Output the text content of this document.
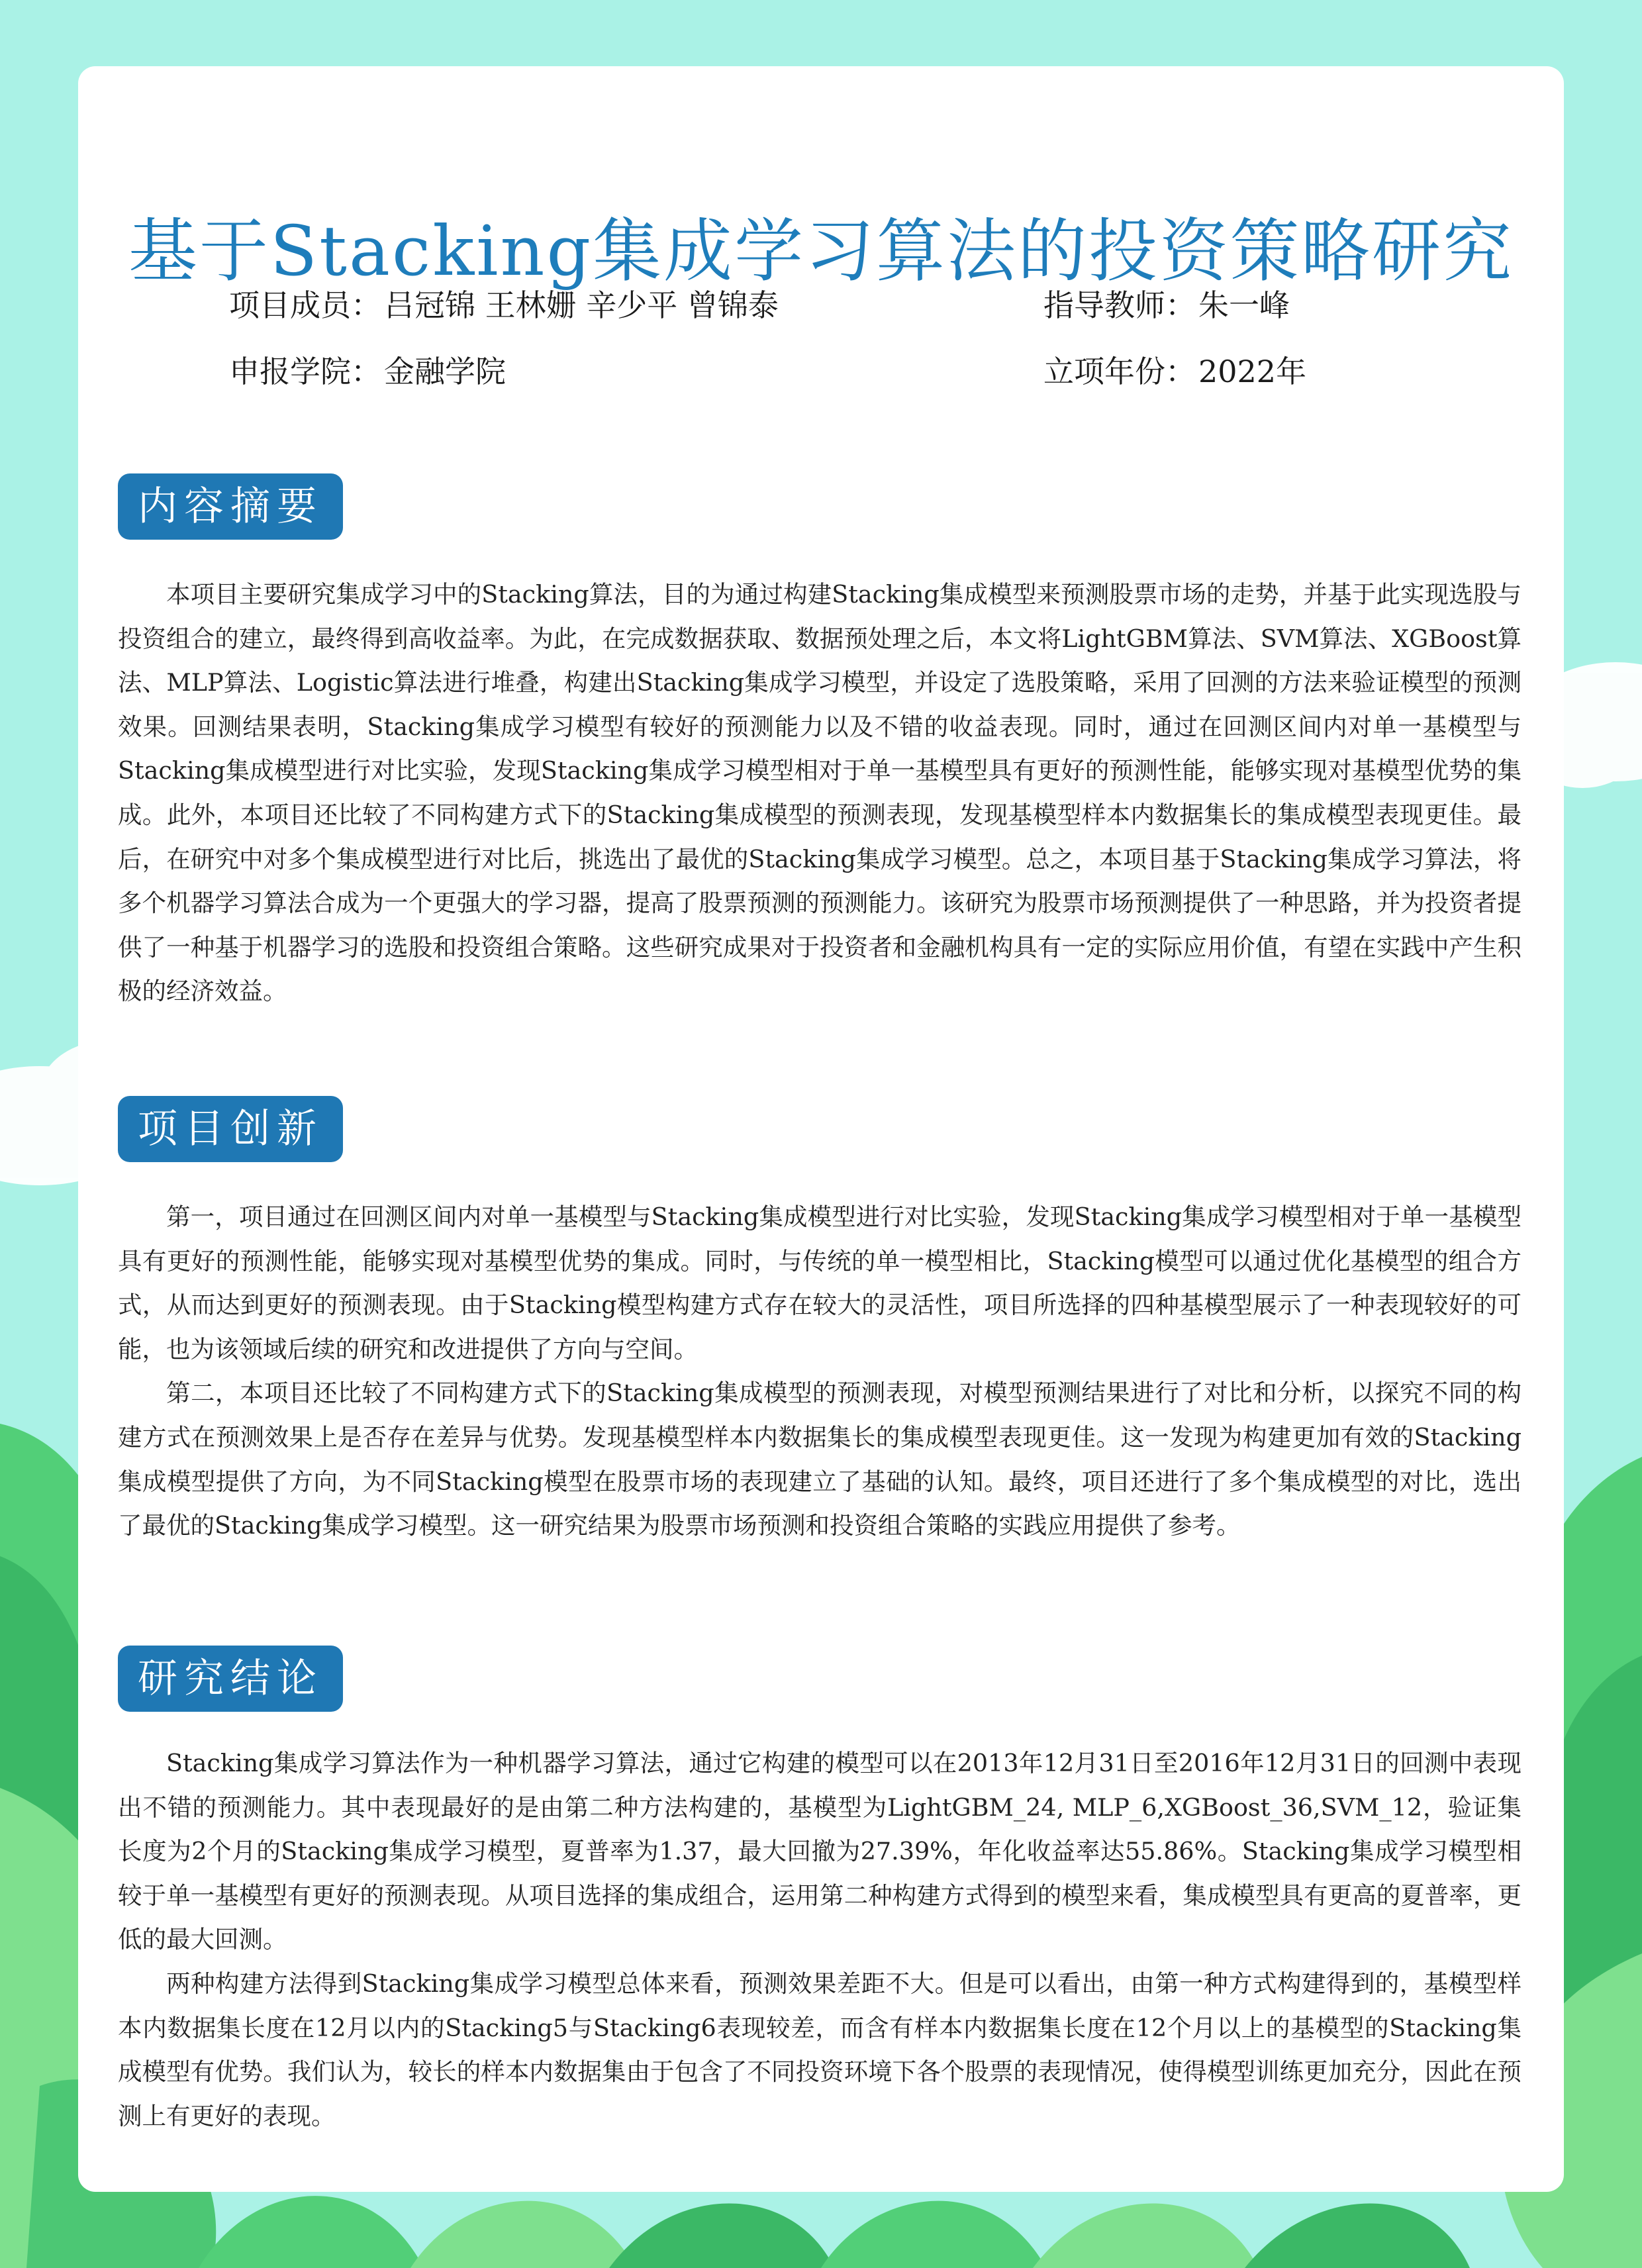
基于Stacking集成学习算法的投资策略研究
项目成员：吕冠锦 王林姗 辛少平 曾锦泰	指导教师：朱一峰
申报学院：金融学院	立项年份：2022年
内容摘要

本项目主要研究集成学习中的Stacking算法，目的为通过构建Stacking集成模型来预测股票市场的走势，并基于此实现选股与投资组合的建立，最终得到高收益率。为此，在完成数据获取、数据预处理之后，本文将LightGBM算法、SVM算法、XGBoost算法、MLP算法、Logistic算法进行堆叠，构建出Stacking集成学习模型，并设定了选股策略，采用了回测的方法来验证模型的预测效果。回测结果表明，Stacking集成学习模型有较好的预测能力以及不错的收益表现。同时，通过在回测区间内对单一基模型与Stacking集成模型进行对比实验，发现Stacking集成学习模型相对于单一基模型具有更好的预测性能，能够实现对基模型优势的集成。此外，本项目还比较了不同构建方式下的Stacking集成模型的预测表现，发现基模型样本内数据集长的集成模型表现更佳。最后，在研究中对多个集成模型进行对比后，挑选出了最优的Stacking集成学习模型。总之，本项目基于Stacking集成学习算法，将多个机器学习算法合成为一个更强大的学习器，提高了股票预测的预测能力。该研究为股票市场预测提供了一种思路，并为投资者提供了一种基于机器学习的选股和投资组合策略。这些研究成果对于投资者和金融机构具有一定的实际应用价值，有望在实践中产生积极的经济效益。

项目创新

第一，项目通过在回测区间内对单一基模型与Stacking集成模型进行对比实验，发现Stacking集成学习模型相对于单一基模型具有更好的预测性能，能够实现对基模型优势的集成。同时，与传统的单一模型相比，Stacking模型可以通过优化基模型的组合方式，从而达到更好的预测表现。由于Stacking模型构建方式存在较大的灵活性，项目所选择的四种基模型展示了一种表现较好的可能，也为该领域后续的研究和改进提供了方向与空间。

第二，本项目还比较了不同构建方式下的Stacking集成模型的预测表现，对模型预测结果进行了对比和分析，以探究不同的构建方式在预测效果上是否存在差异与优势。发现基模型样本内数据集长的集成模型表现更佳。这一发现为构建更加有效的Stacking集成模型提供了方向，为不同Stacking模型在股票市场的表现建立了基础的认知。最终，项目还进行了多个集成模型的对比，选出了最优的Stacking集成学习模型。这一研究结果为股票市场预测和投资组合策略的实践应用提供了参考。

研究结论

Stacking集成学习算法作为一种机器学习算法，通过它构建的模型可以在2013年12月31日至2016年12月31日的回测中表现出不错的预测能力。其中表现最好的是由第二种方法构建的，基模型为LightGBM_24, MLP_6,XGBoost_36,SVM_12，验证集长度为2个月的Stacking集成学习模型，夏普率为1.37，最大回撤为27.39%，年化收益率达55.86%。Stacking集成学习模型相较于单一基模型有更好的预测表现。从项目选择的集成组合，运用第二种构建方式得到的模型来看，集成模型具有更高的夏普率，更低的最大回测。

两种构建方法得到Stacking集成学习模型总体来看，预测效果差距不大。但是可以看出，由第一种方式构建得到的，基模型样本内数据集长度在12月以内的Stacking5与Stacking6表现较差，而含有样本内数据集长度在12个月以上的基模型的Stacking集成模型有优势。我们认为，较长的样本内数据集由于包含了不同投资环境下各个股票的表现情况，使得模型训练更加充分，因此在预测上有更好的表现。
